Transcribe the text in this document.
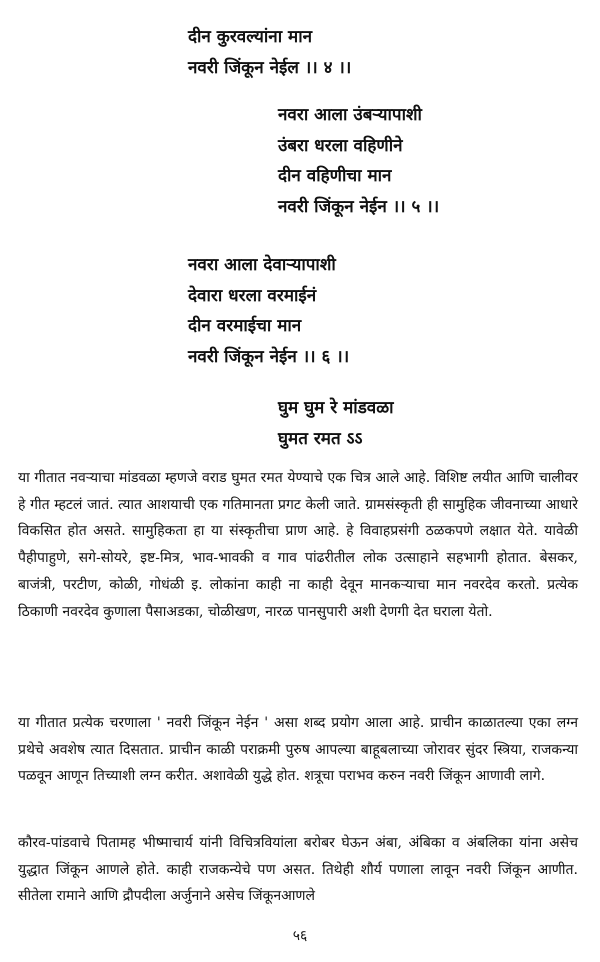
दीन कुरवल्यांना मान
नवरी जिंकून नेईल ।। ४ ।।
नवरा आला उंबऱ्यापाशी
उंबरा धरला वहिणीने
दीन वहिणीचा मान
नवरी जिंकून नेईन ।। ५ ।।
नवरा आला देवाऱ्यापाशी
देवारा धरला वरमाईनं
दीन वरमाईचा मान
नवरी जिंकून नेईन ।। ६ ।।
घुम घुम रे मांडवळा
घुमत रमत ऽऽ

या गीतात नवऱ्याचा मांडवळा म्हणजे वराड घुमत रमत येण्याचे एक चित्र आले आहे. विशिष्ट लयीत आणि चालीवर हे गीत म्हटलं जातं. त्यात आशयाची एक गतिमानता प्रगट केली जाते. ग्रामसंस्कृती ही सामुहिक जीवनाच्या आधारे विकसित होत असते. सामुहिकता हा या संस्कृतीचा प्राण आहे. हे विवाहप्रसंगी ठळकपणे लक्षात येते. यावेळी पैहीपाहुणे, सगे-सोयरे, इष्ट-मित्र, भाव-भावकी व गाव पांढरीतील लोक उत्साहाने सहभागी होतात. बेसकर, बाजंत्री, परटीण, कोळी, गोधंळी इ. लोकांना काही ना काही देवून मानकऱ्याचा मान नवरदेव करतो. प्रत्येक ठिकाणी नवरदेव कुणाला पैसाअडका, चोळीखण, नारळ पानसुपारी अशी देणगी देत घराला येतो.

या गीतात प्रत्येक चरणाला ' नवरी जिंकून नेईन ' असा शब्द प्रयोग आला आहे. प्राचीन काळातल्या एका लग्न प्रथेचे अवशेष त्यात दिसतात. प्राचीन काळी पराक्रमी पुरुष आपल्या बाहूबलाच्या जोरावर सुंदर स्त्रिया, राजकन्या पळवून आणून तिच्याशी लग्न करीत. अशावेळी युद्धे होत. शत्रूचा पराभव करुन नवरी जिंकून आणावी लागे.

कौरव-पांडवाचे पितामह भीष्माचार्य यांनी विचित्रवियांला बरोबर घेऊन अंबा, अंबिका व अंबलिका यांना असेच युद्धात जिंकून आणले होते. काही राजकन्येचे पण असत. तिथेही शौर्य पणाला लावून नवरी जिंकून आणीत. सीतेला रामाने आणि द्रौपदीला अर्जुनाने असेच जिंकूनआणले

५६
